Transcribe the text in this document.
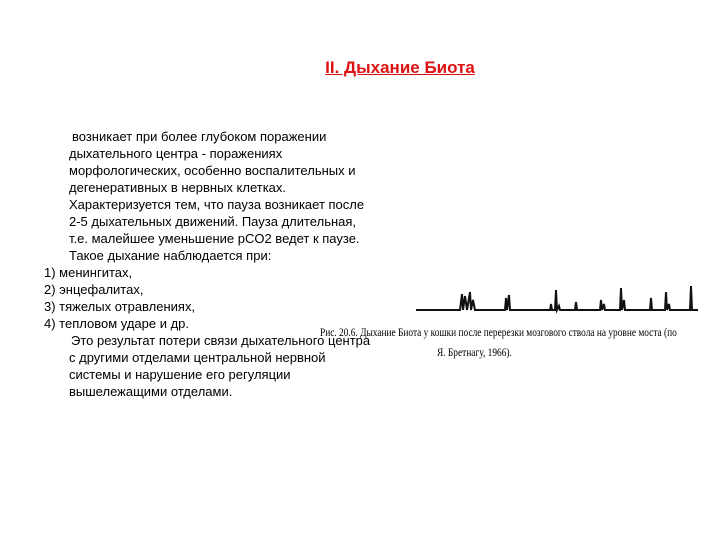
II. Дыхание Биота
возникает при более глубоком поражении дыхательного центра - поражениях морфологических, особенно воспалительных и дегенеративных в нервных клетках. Характеризуется тем, что пауза возникает после 2-5 дыхательных движений. Пауза длительная, т.е. малейшее уменьшение pCO2 ведет к паузе. Такое дыхание наблюдается при:
1) менингитах,
2) энцефалитах,
3) тяжелых отравлениях,
4) тепловом ударе и др.
Это результат потери связи дыхательного центра с другими отделами центральной нервной системы и нарушение его регуляции вышележащими отделами.
Рис. 20.6. Дыхание Биота у кошки после перерезки мозгового ствола на уровне моста (по
Я. Бретнагу, 1966).
